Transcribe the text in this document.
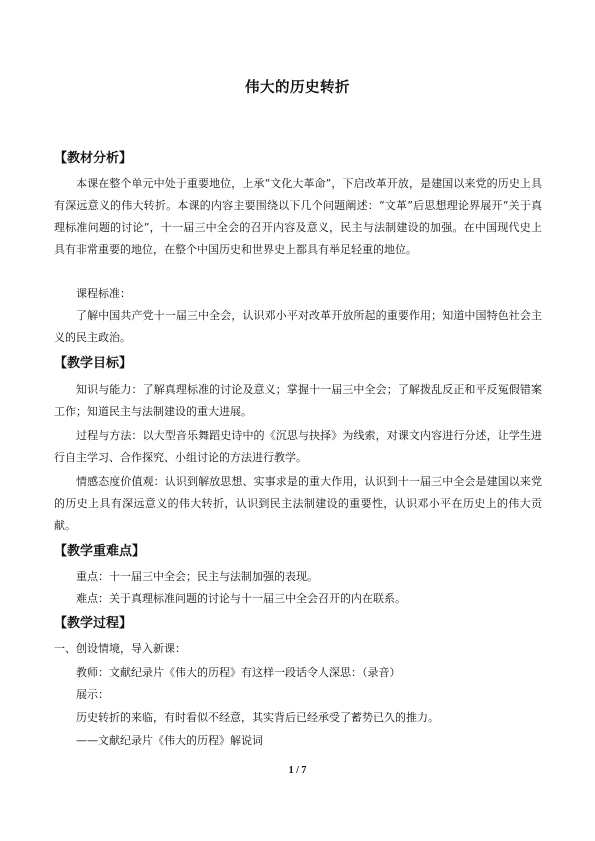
伟大的历史转折
【教材分析】
本课在整个单元中处于重要地位，上承“文化大革命”，下启改革开放，是建国以来党的历史上具有深远意义的伟大转折。本课的内容主要围绕以下几个问题阐述：“文革”后思想理论界展开“关于真理标准问题的讨论”，十一届三中全会的召开内容及意义，民主与法制建设的加强。在中国现代史上具有非常重要的地位，在整个中国历史和世界史上都具有举足轻重的地位。
课程标准：
了解中国共产党十一届三中全会，认识邓小平对改革开放所起的重要作用；知道中国特色社会主义的民主政治。
【教学目标】
知识与能力：了解真理标准的讨论及意义；掌握十一届三中全会；了解拨乱反正和平反冤假错案工作；知道民主与法制建设的重大进展。
过程与方法：以大型音乐舞蹈史诗中的《沉思与抉择》为线索，对课文内容进行分述，让学生进行自主学习、合作探究、小组讨论的方法进行教学。
情感态度价值观：认识到解放思想、实事求是的重大作用，认识到十一届三中全会是建国以来党的历史上具有深远意义的伟大转折，认识到民主法制建设的重要性，认识邓小平在历史上的伟大贡献。
【教学重难点】
重点：十一届三中全会；民主与法制加强的表现。
难点：关于真理标准问题的讨论与十一届三中全会召开的内在联系。
【教学过程】
一、创设情境，导入新课：
教师：文献纪录片《伟大的历程》有这样一段话令人深思：（录音）
展示：
历史转折的来临，有时看似不经意，其实背后已经承受了蓄势已久的推力。
——文献纪录片《伟大的历程》解说词
1 / 7
